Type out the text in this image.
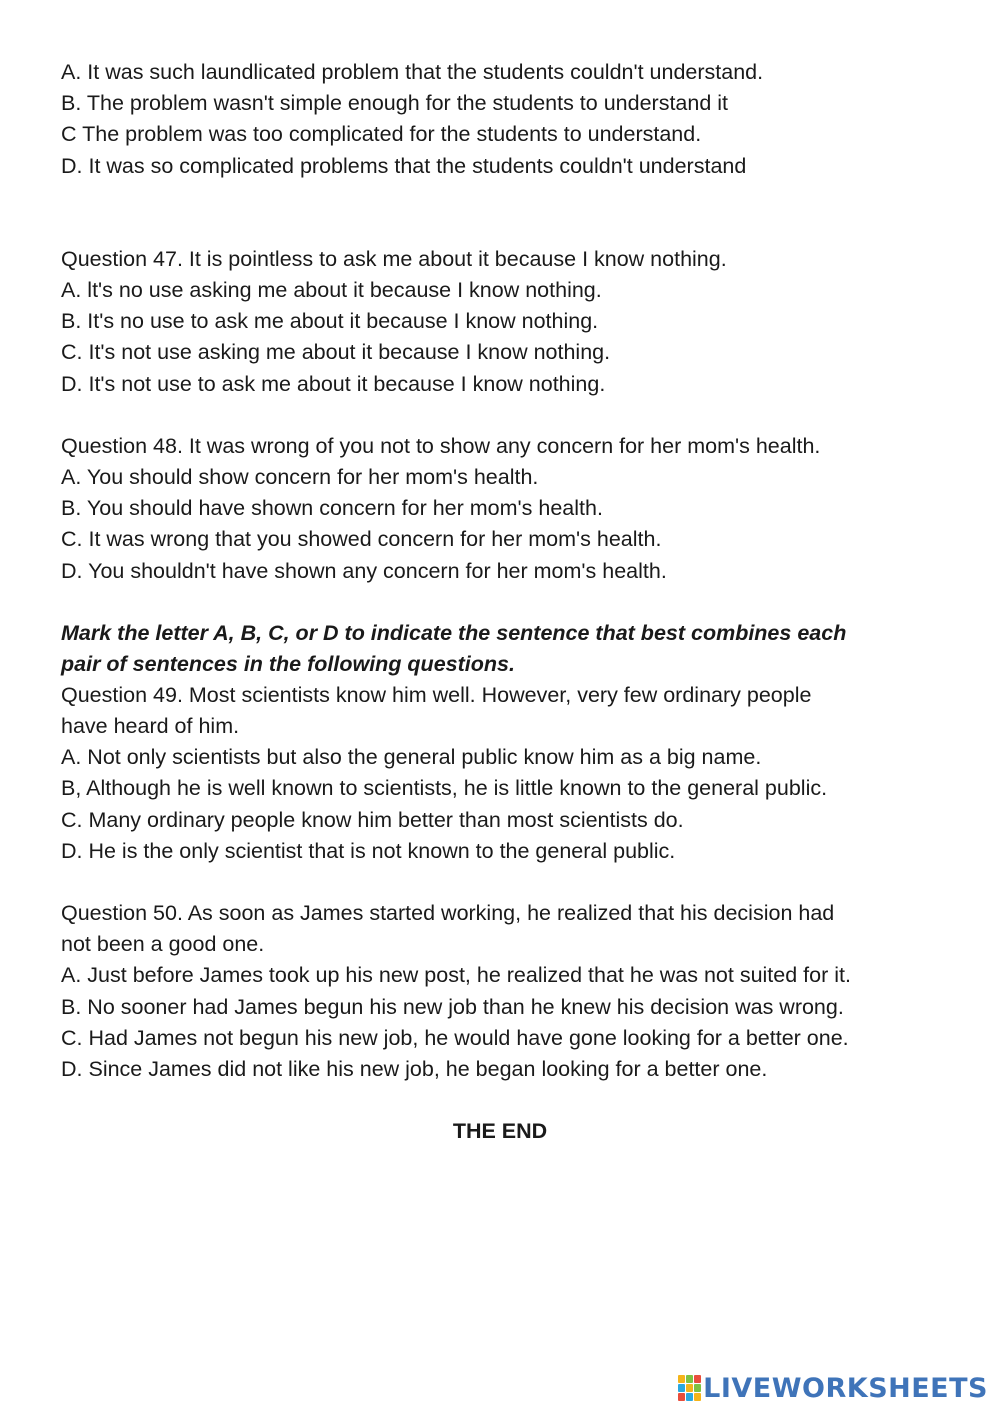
A. It was such laundlicated problem that the students couldn't understand.
B. The problem wasn't simple enough for the students to understand it
C The problem was too complicated for the students to understand.
D. It was so complicated problems that the students couldn't understand
Question 47. It is pointless to ask me about it because I know nothing.
A. lt's no use asking me about it because I know nothing.
B. It's no use to ask me about it because I know nothing.
C. It's not use asking me about it because I know nothing.
D. It's not use to ask me about it because I know nothing.
Question 48. It was wrong of you not to show any concern for her mom's health.
A. You should show concern for her mom's health.
B. You should have shown concern for her mom's health.
C. It was wrong that you showed concern for her mom's health.
D. You shouldn't have shown any concern for her mom's health.
Mark the letter A, B, C, or D to indicate the sentence that best combines each
pair of sentences in the following questions.
Question 49. Most scientists know him well. However, very few ordinary people
have heard of him.
A. Not only scientists but also the general public know him as a big name.
B, Although he is well known to scientists, he is little known to the general public.
C. Many ordinary people know him better than most scientists do.
D. He is the only scientist that is not known to the general public.
Question 50. As soon as James started working, he realized that his decision had
not been a good one.
A. Just before James took up his new post, he realized that he was not suited for it.
B. No sooner had James begun his new job than he knew his decision was wrong.
C. Had James not begun his new job, he would have gone looking for a better one.
D. Since James did not like his new job, he began looking for a better one.
THE END
LIVEWORKSHEETS
